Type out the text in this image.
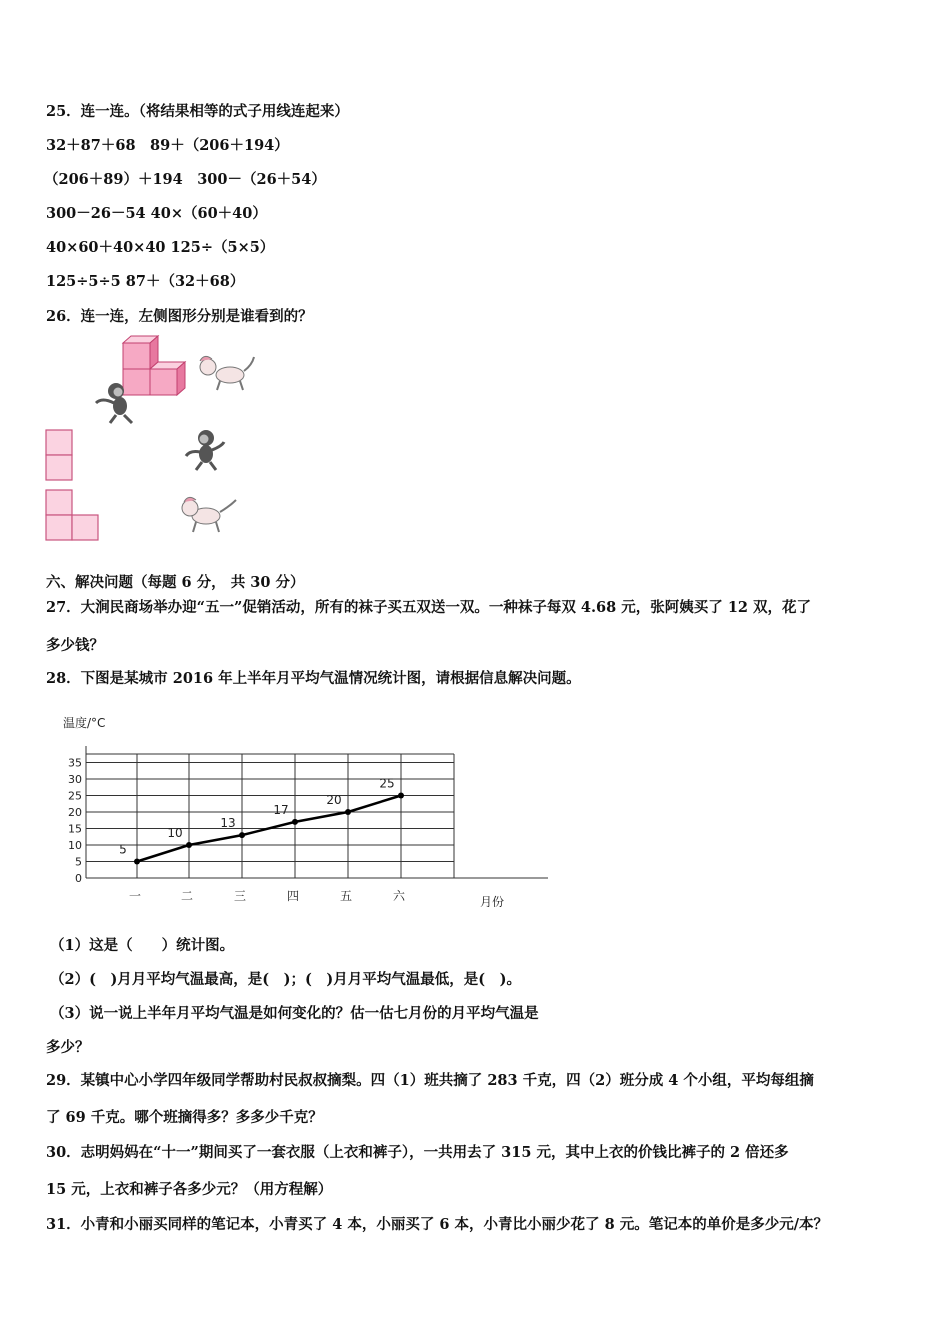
25．连一连。（将结果相等的式子用线连起来）
32＋87＋68　89＋（206＋194）
（206＋89）＋194　300－（26＋54）
300－26－54 40×（60＋40）
40×60＋40×40 125÷（5×5）
125÷5÷5 87＋（32＋68）
26．连一连，左侧图形分别是谁看到的？
六、解决问题（每题 6 分， 共 30 分）
27．大涧民商场举办迎“五一”促销活动，所有的袜子买五双送一双。一种袜子每双 4.68 元，张阿姨买了 12 双，花了
多少钱？
28．下图是某城市 2016 年上半年月平均气温情况统计图，请根据信息解决问题。
温度/°C
月份
0
5
10
15
20
25
30
35
一	二	三	四	五	六
5
10
13
17
20
25
（1）这是（　　）统计图。
（2）(　)月月平均气温最高，是(　)；(　)月月平均气温最低，是(　)。
（3）说一说上半年月平均气温是如何变化的？估一估七月份的月平均气温是
多少？
29．某镇中心小学四年级同学帮助村民叔叔摘梨。四（1）班共摘了 283 千克，四（2）班分成 4 个小组，平均每组摘
了 69 千克。哪个班摘得多？多多少千克？
30．志明妈妈在“十一”期间买了一套衣服（上衣和裤子），一共用去了 315 元，其中上衣的价钱比裤子的 2 倍还多
15 元，上衣和裤子各多少元？（用方程解）
31．小青和小丽买同样的笔记本，小青买了 4 本，小丽买了 6 本，小青比小丽少花了 8 元。笔记本的单价是多少元/本？
